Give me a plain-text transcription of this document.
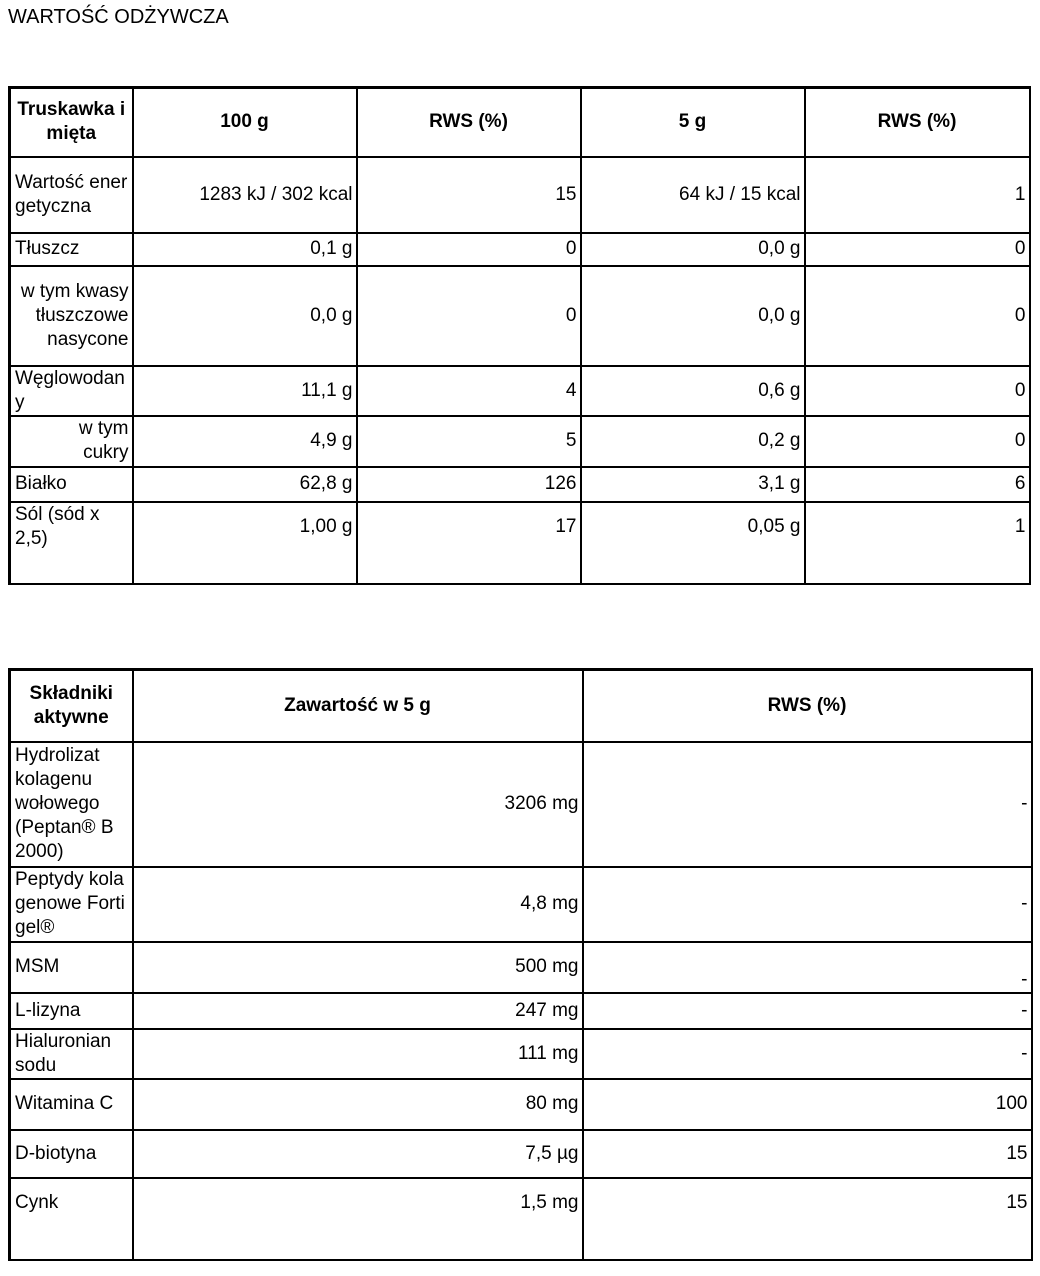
WARTOŚĆ ODŻYWCZA
Truskawka i mięta	100 g	RWS (%)	5 g	RWS (%)
Wartość energetyczna	1283 kJ / 302 kcal	15	64 kJ / 15 kcal	1
Tłuszcz	0,1 g	0	0,0 g	0
w tym kwasy tłuszczowe nasycone	0,0 g	0	0,0 g	0
Węglowodany	11,1 g	4	0,6 g	0
w tym cukry	4,9 g	5	0,2 g	0
Białko	62,8 g	126	3,1 g	6
Sól (sód x 2,5)	1,00 g	17	0,05 g	1
Składniki aktywne	Zawartość w 5 g	RWS (%)
Hydrolizat kolagenu wołowego (Peptan® B 2000)	3206 mg	-
Peptydy kolagenowe Fortigel®	4,8 mg	-
MSM	500 mg	-
L-lizyna	247 mg	-
Hialuronian sodu	111 mg	-
Witamina C	80 mg	100
D-biotyna	7,5 µg	15
Cynk	1,5 mg	15
